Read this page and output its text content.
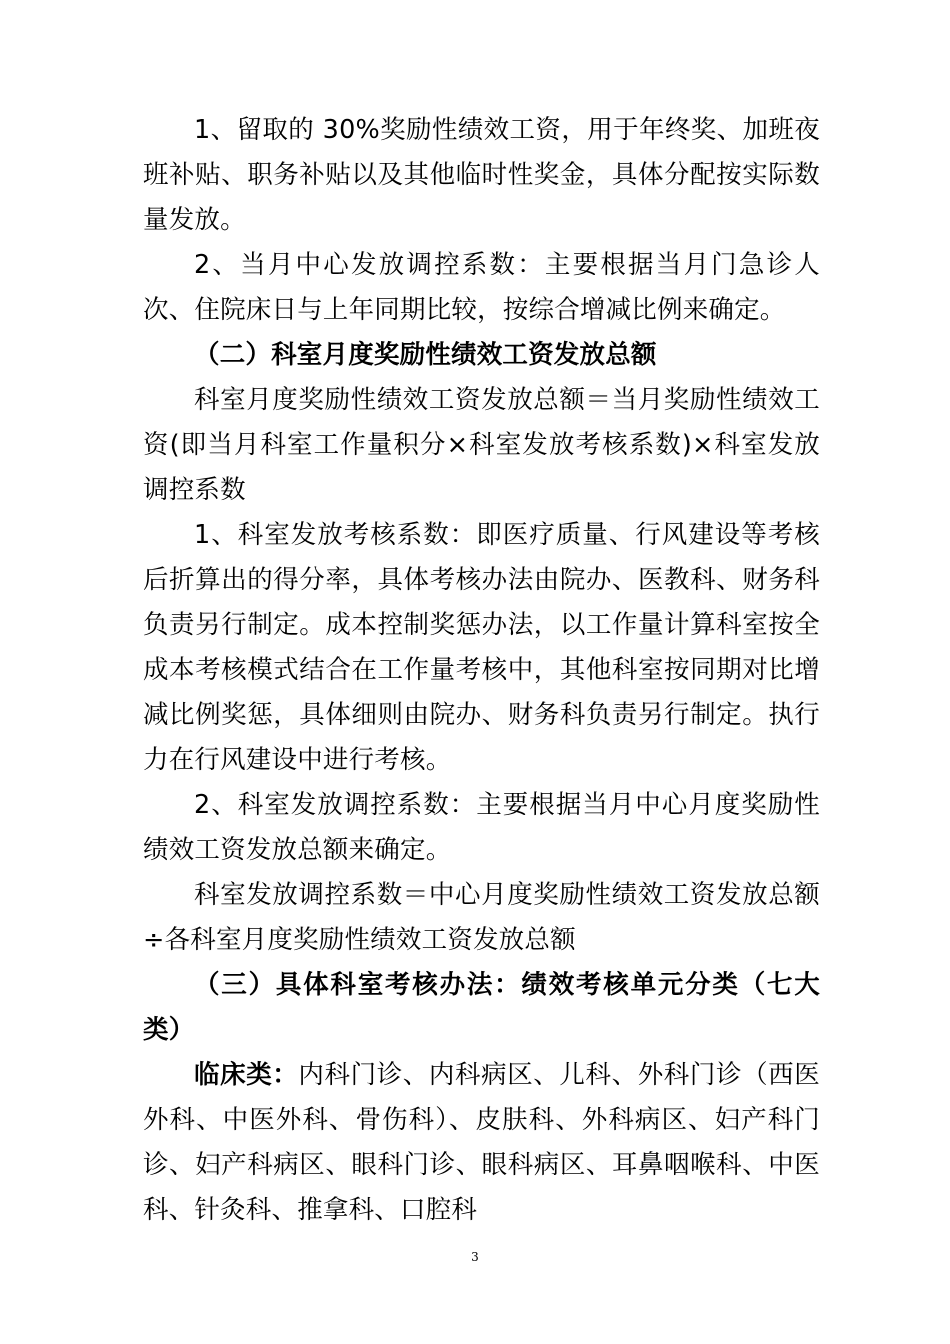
1、留取的 30%奖励性绩效工资，用于年终奖、加班夜班补贴、职务补贴以及其他临时性奖金，具体分配按实际数量发放。

2、当月中心发放调控系数：主要根据当月门急诊人次、住院床日与上年同期比较，按综合增减比例来确定。

（二）科室月度奖励性绩效工资发放总额

科室月度奖励性绩效工资发放总额＝当月奖励性绩效工资(即当月科室工作量积分×科室发放考核系数)×科室发放调控系数

1、科室发放考核系数：即医疗质量、行风建设等考核后折算出的得分率，具体考核办法由院办、医教科、财务科负责另行制定。成本控制奖惩办法，以工作量计算科室按全成本考核模式结合在工作量考核中，其他科室按同期对比增减比例奖惩，具体细则由院办、财务科负责另行制定。执行力在行风建设中进行考核。

2、科室发放调控系数：主要根据当月中心月度奖励性绩效工资发放总额来确定。

科室发放调控系数＝中心月度奖励性绩效工资发放总额÷各科室月度奖励性绩效工资发放总额

（三）具体科室考核办法：绩效考核单元分类（七大类）

临床类：内科门诊、内科病区、儿科、外科门诊（西医外科、中医外科、骨伤科）、皮肤科、外科病区、妇产科门诊、妇产科病区、眼科门诊、眼科病区、耳鼻咽喉科、中医科、针灸科、推拿科、口腔科

3
